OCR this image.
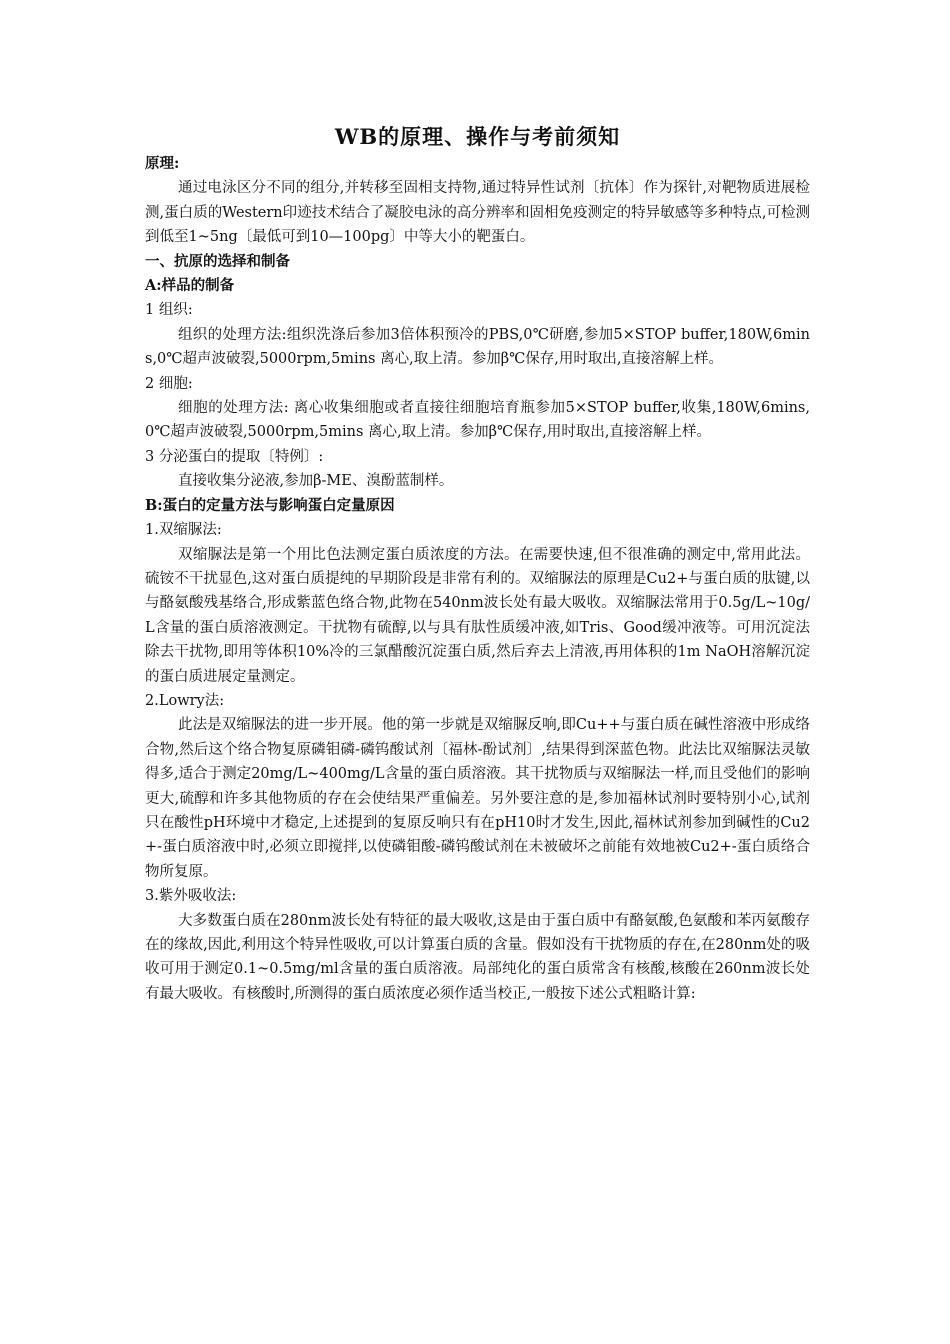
WB的原理、操作与考前须知

原理:

通过电泳区分不同的组分,并转移至固相支持物,通过特异性试剂〔抗体〕作为探针,对靶物质进展检测,蛋白质的Western印迹技术结合了凝胶电泳的高分辨率和固相免疫测定的特异敏感等多种特点,可检测到低至1~5ng〔最低可到10—100pg〕中等大小的靶蛋白。

一、抗原的选择和制备

A:样品的制备

1 组织:

组织的处理方法:组织洗涤后参加3倍体积预冷的PBS,0℃研磨,参加5×STOP buffer,180W,6mins,0℃超声波破裂,5000rpm,5mins 离心,取上清。参加β℃保存,用时取出,直接溶解上样。

2 细胞:

细胞的处理方法: 离心收集细胞或者直接往细胞培育瓶参加5×STOP buffer,收集,180W,6mins,0℃超声波破裂,5000rpm,5mins 离心,取上清。参加β℃保存,用时取出,直接溶解上样。

3 分泌蛋白的提取〔特例〕:

直接收集分泌液,参加β-ME、溴酚蓝制样。

B:蛋白的定量方法与影响蛋白定量原因

1.双缩脲法:

双缩脲法是第一个用比色法测定蛋白质浓度的方法。在需要快速,但不很准确的测定中,常用此法。硫铵不干扰显色,这对蛋白质提纯的早期阶段是非常有利的。双缩脲法的原理是Cu2+与蛋白质的肽键,以与酪氨酸残基络合,形成紫蓝色络合物,此物在540nm波长处有最大吸收。双缩脲法常用于0.5g/L~10g/L含量的蛋白质溶液测定。干扰物有硫醇,以与具有肽性质缓冲液,如Tris、Good缓冲液等。可用沉淀法除去干扰物,即用等体积10%冷的三氯醋酸沉淀蛋白质,然后弃去上清液,再用体积的1m NaOH溶解沉淀的蛋白质进展定量测定。

2.Lowry法:

此法是双缩脲法的进一步开展。他的第一步就是双缩脲反响,即Cu++与蛋白质在碱性溶液中形成络合物,然后这个络合物复原磷钼磷-磷钨酸试剂〔福林-酚试剂〕,结果得到深蓝色物。此法比双缩脲法灵敏得多,适合于测定20mg/L~400mg/L含量的蛋白质溶液。其干扰物质与双缩脲法一样,而且受他们的影响更大,硫醇和许多其他物质的存在会使结果严重偏差。另外要注意的是,参加福林试剂时要特别小心,试剂只在酸性pH环境中才稳定,上述提到的复原反响只有在pH10时才发生,因此,福林试剂参加到碱性的Cu2+-蛋白质溶液中时,必须立即搅拌,以使磷钼酸-磷钨酸试剂在未被破坏之前能有效地被Cu2+-蛋白质络合物所复原。

3.紫外吸收法:

大多数蛋白质在280nm波长处有特征的最大吸收,这是由于蛋白质中有酪氨酸,色氨酸和苯丙氨酸存在的缘故,因此,利用这个特异性吸收,可以计算蛋白质的含量。假如没有干扰物质的存在,在280nm处的吸收可用于测定0.1~0.5mg/ml含量的蛋白质溶液。局部纯化的蛋白质常含有核酸,核酸在260nm波长处有最大吸收。有核酸时,所测得的蛋白质浓度必须作适当校正,一般按下述公式粗略计算:
